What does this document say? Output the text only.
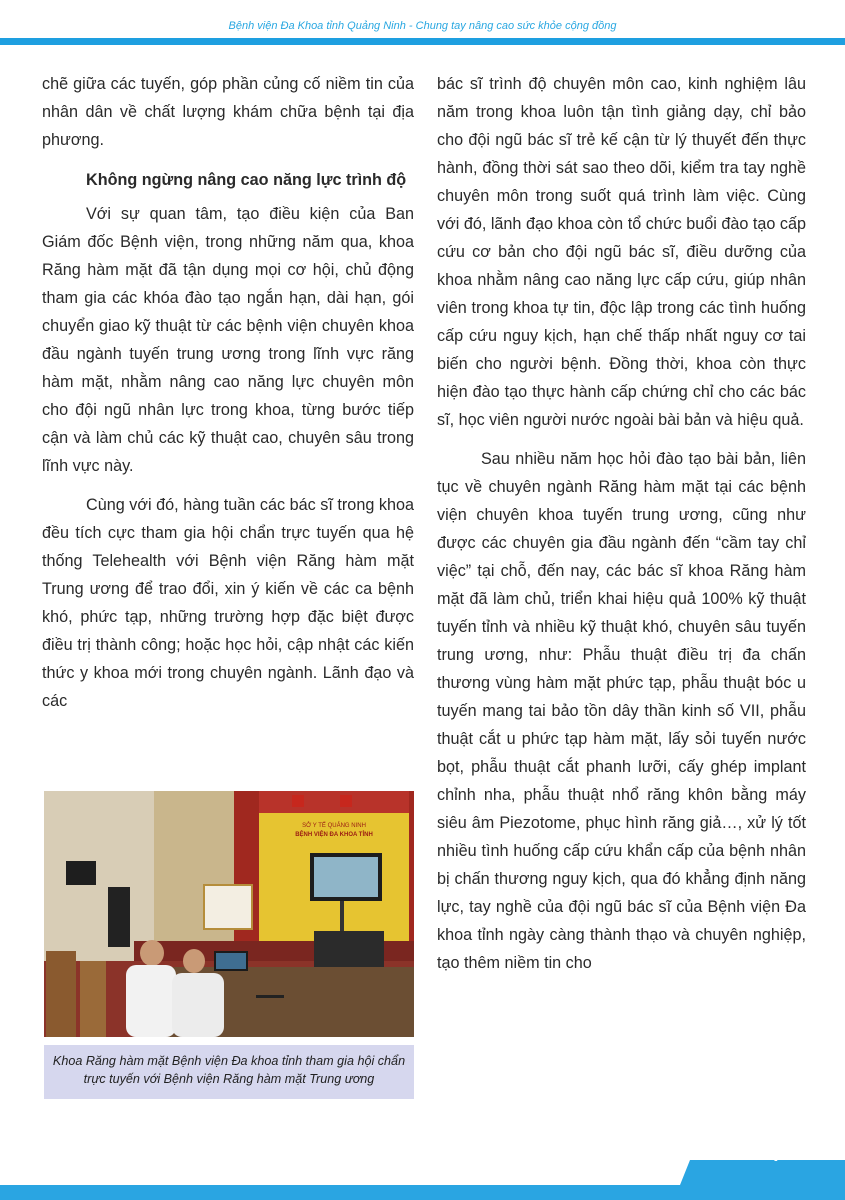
Bệnh viện Đa Khoa tỉnh Quảng Ninh - Chung tay nâng cao sức khỏe cộng đồng

chẽ giữa các tuyến, góp phần củng cố niềm tin của nhân dân về chất lượng khám chữa bệnh tại địa phương.

Không ngừng nâng cao năng lực trình độ

Với sự quan tâm, tạo điều kiện của Ban Giám đốc Bệnh viện, trong những năm qua, khoa Răng hàm mặt đã tận dụng mọi cơ hội, chủ động tham gia các khóa đào tạo ngắn hạn, dài hạn, gói chuyển giao kỹ thuật từ các bệnh viện chuyên khoa đầu ngành tuyến trung ương trong lĩnh vực răng hàm mặt, nhằm nâng cao năng lực chuyên môn cho đội ngũ nhân lực trong khoa, từng bước tiếp cận và làm chủ các kỹ thuật cao, chuyên sâu trong lĩnh vực này.

Cùng với đó, hàng tuần các bác sĩ trong khoa đều tích cực tham gia hội chẩn trực tuyến qua hệ thống Telehealth với Bệnh viện Răng hàm mặt Trung ương để trao đổi, xin ý kiến về các ca bệnh khó, phức tạp, những trường hợp đặc biệt được điều trị thành công; hoặc học hỏi, cập nhật các kiến thức y khoa mới trong chuyên ngành. Lãnh đạo và các

SỞ Y TẾ QUẢNG NINH
BỆNH VIỆN ĐA KHOA TỈNH
Khoa Răng hàm mặt Bệnh viện Đa khoa tỉnh tham gia hội chẩn trực tuyến với Bệnh viện Răng hàm mặt Trung ương

bác sĩ trình độ chuyên môn cao, kinh nghiệm lâu năm trong khoa luôn tận tình giảng dạy, chỉ bảo cho đội ngũ bác sĩ trẻ kế cận từ lý thuyết đến thực hành, đồng thời sát sao theo dõi, kiểm tra tay nghề chuyên môn trong suốt quá trình làm việc. Cùng với đó, lãnh đạo khoa còn tổ chức buổi đào tạo cấp cứu cơ bản cho đội ngũ bác sĩ, điều dưỡng của khoa nhằm nâng cao năng lực cấp cứu, giúp nhân viên trong khoa tự tin, độc lập trong các tình huống cấp cứu nguy kịch, hạn chế thấp nhất nguy cơ tai biến cho người bệnh. Đồng thời, khoa còn thực hiện đào tạo thực hành cấp chứng chỉ cho các bác sĩ, học viên người nước ngoài bài bản và hiệu quả.

Sau nhiều năm học hỏi đào tạo bài bản, liên tục về chuyên ngành Răng hàm mặt tại các bệnh viện chuyên khoa tuyến trung ương, cũng như được các chuyên gia đầu ngành đến “cầm tay chỉ việc” tại chỗ, đến nay, các bác sĩ khoa Răng hàm mặt đã làm chủ, triển khai hiệu quả 100% kỹ thuật tuyến tỉnh và nhiều kỹ thuật khó, chuyên sâu tuyến trung ương, như: Phẫu thuật điều trị đa chấn thương vùng hàm mặt phức tạp, phẫu thuật bóc u tuyến mang tai bảo tồn dây thần kinh số VII, phẫu thuật cắt u phức tạp hàm mặt, lấy sỏi tuyến nước bọt, phẫu thuật cắt phanh lưỡi, cấy ghép implant chỉnh nha, phẫu thuật nhổ răng khôn bằng máy siêu âm Piezotome, phục hình răng giả…, xử lý tốt nhiều tình huống cấp cứu khẩn cấp của bệnh nhân bị chấn thương nguy kịch, qua đó khẳng định năng lực, tay nghề của đội ngũ bác sĩ của Bệnh viện Đa khoa tỉnh ngày càng thành thạo và chuyên nghiệp, tạo thêm niềm tin cho

Website: www.benhviendktinhquangninh.vn
7
